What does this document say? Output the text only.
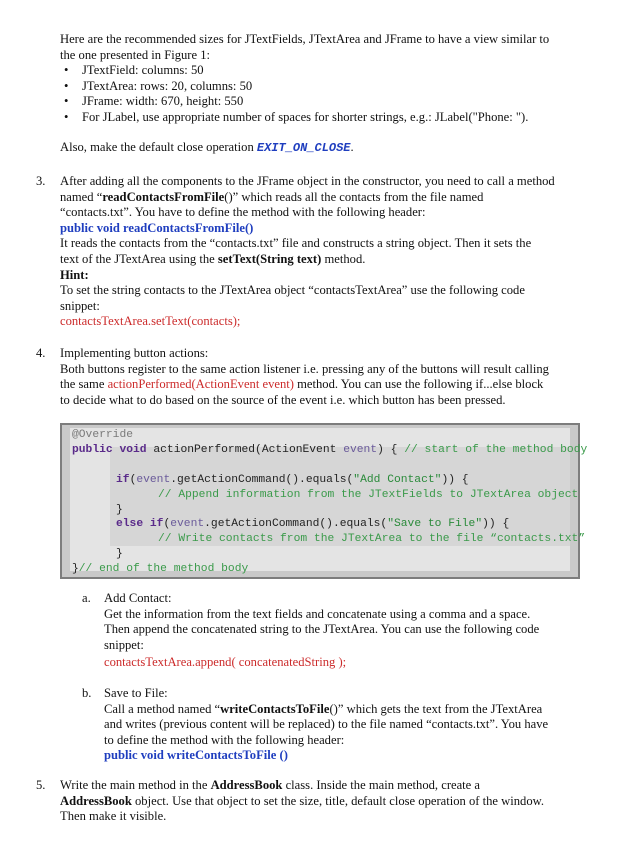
Here are the recommended sizes for JTextFields, JTextArea and JFrame to have a view similar to

the one presented in Figure 1:

• JTextField: columns: 50

• JTextArea: rows: 20, columns: 50

• JFrame: width: 670, height: 550

• For JLabel, use appropriate number of spaces for shorter strings, e.g.: JLabel("Phone: ").

Also, make the default close operation EXIT_ON_CLOSE.

3. After adding all the components to the JFrame object in the constructor, you need to call a method

named “readContactsFromFile()” which reads all the contacts from the file named

“contacts.txt”. You have to define the method with the following header:

public void readContactsFromFile()

It reads the contacts from the “contacts.txt” file and constructs a string object. Then it sets the

text of the JTextArea using the setText(String text) method.

Hint:

To set the string contacts to the JTextArea object “contactsTextArea” use the following code

snippet:

contactsTextArea.setText(contacts);

4. Implementing button actions:

Both buttons register to the same action listener i.e. pressing any of the buttons will result calling

the same actionPerformed(ActionEvent event) method. You can use the following if...else block

to decide what to do based on the source of the event i.e. which button has been pressed.

@Override
public void actionPerformed(ActionEvent event) { // start of the method body
if(event.getActionCommand().equals("Add Contact")) {
// Append information from the JTextFields to JTextArea object
}
else if(event.getActionCommand().equals("Save to File")) {
// Write contacts from the JTextArea to the file “contacts.txt”
}
}// end of the method body
a. Add Contact:

Get the information from the text fields and concatenate using a comma and a space.

Then append the concatenated string to the JTextArea. You can use the following code

snippet:

contactsTextArea.append( concatenatedString );

b. Save to File:

Call a method named “writeContactsToFile()” which gets the text from the JTextArea

and writes (previous content will be replaced) to the file named “contacts.txt”. You have

to define the method with the following header:

public void writeContactsToFile ()

5. Write the main method in the AddressBook class. Inside the main method, create a

AddressBook object. Use that object to set the size, title, default close operation of the window.

Then make it visible.
